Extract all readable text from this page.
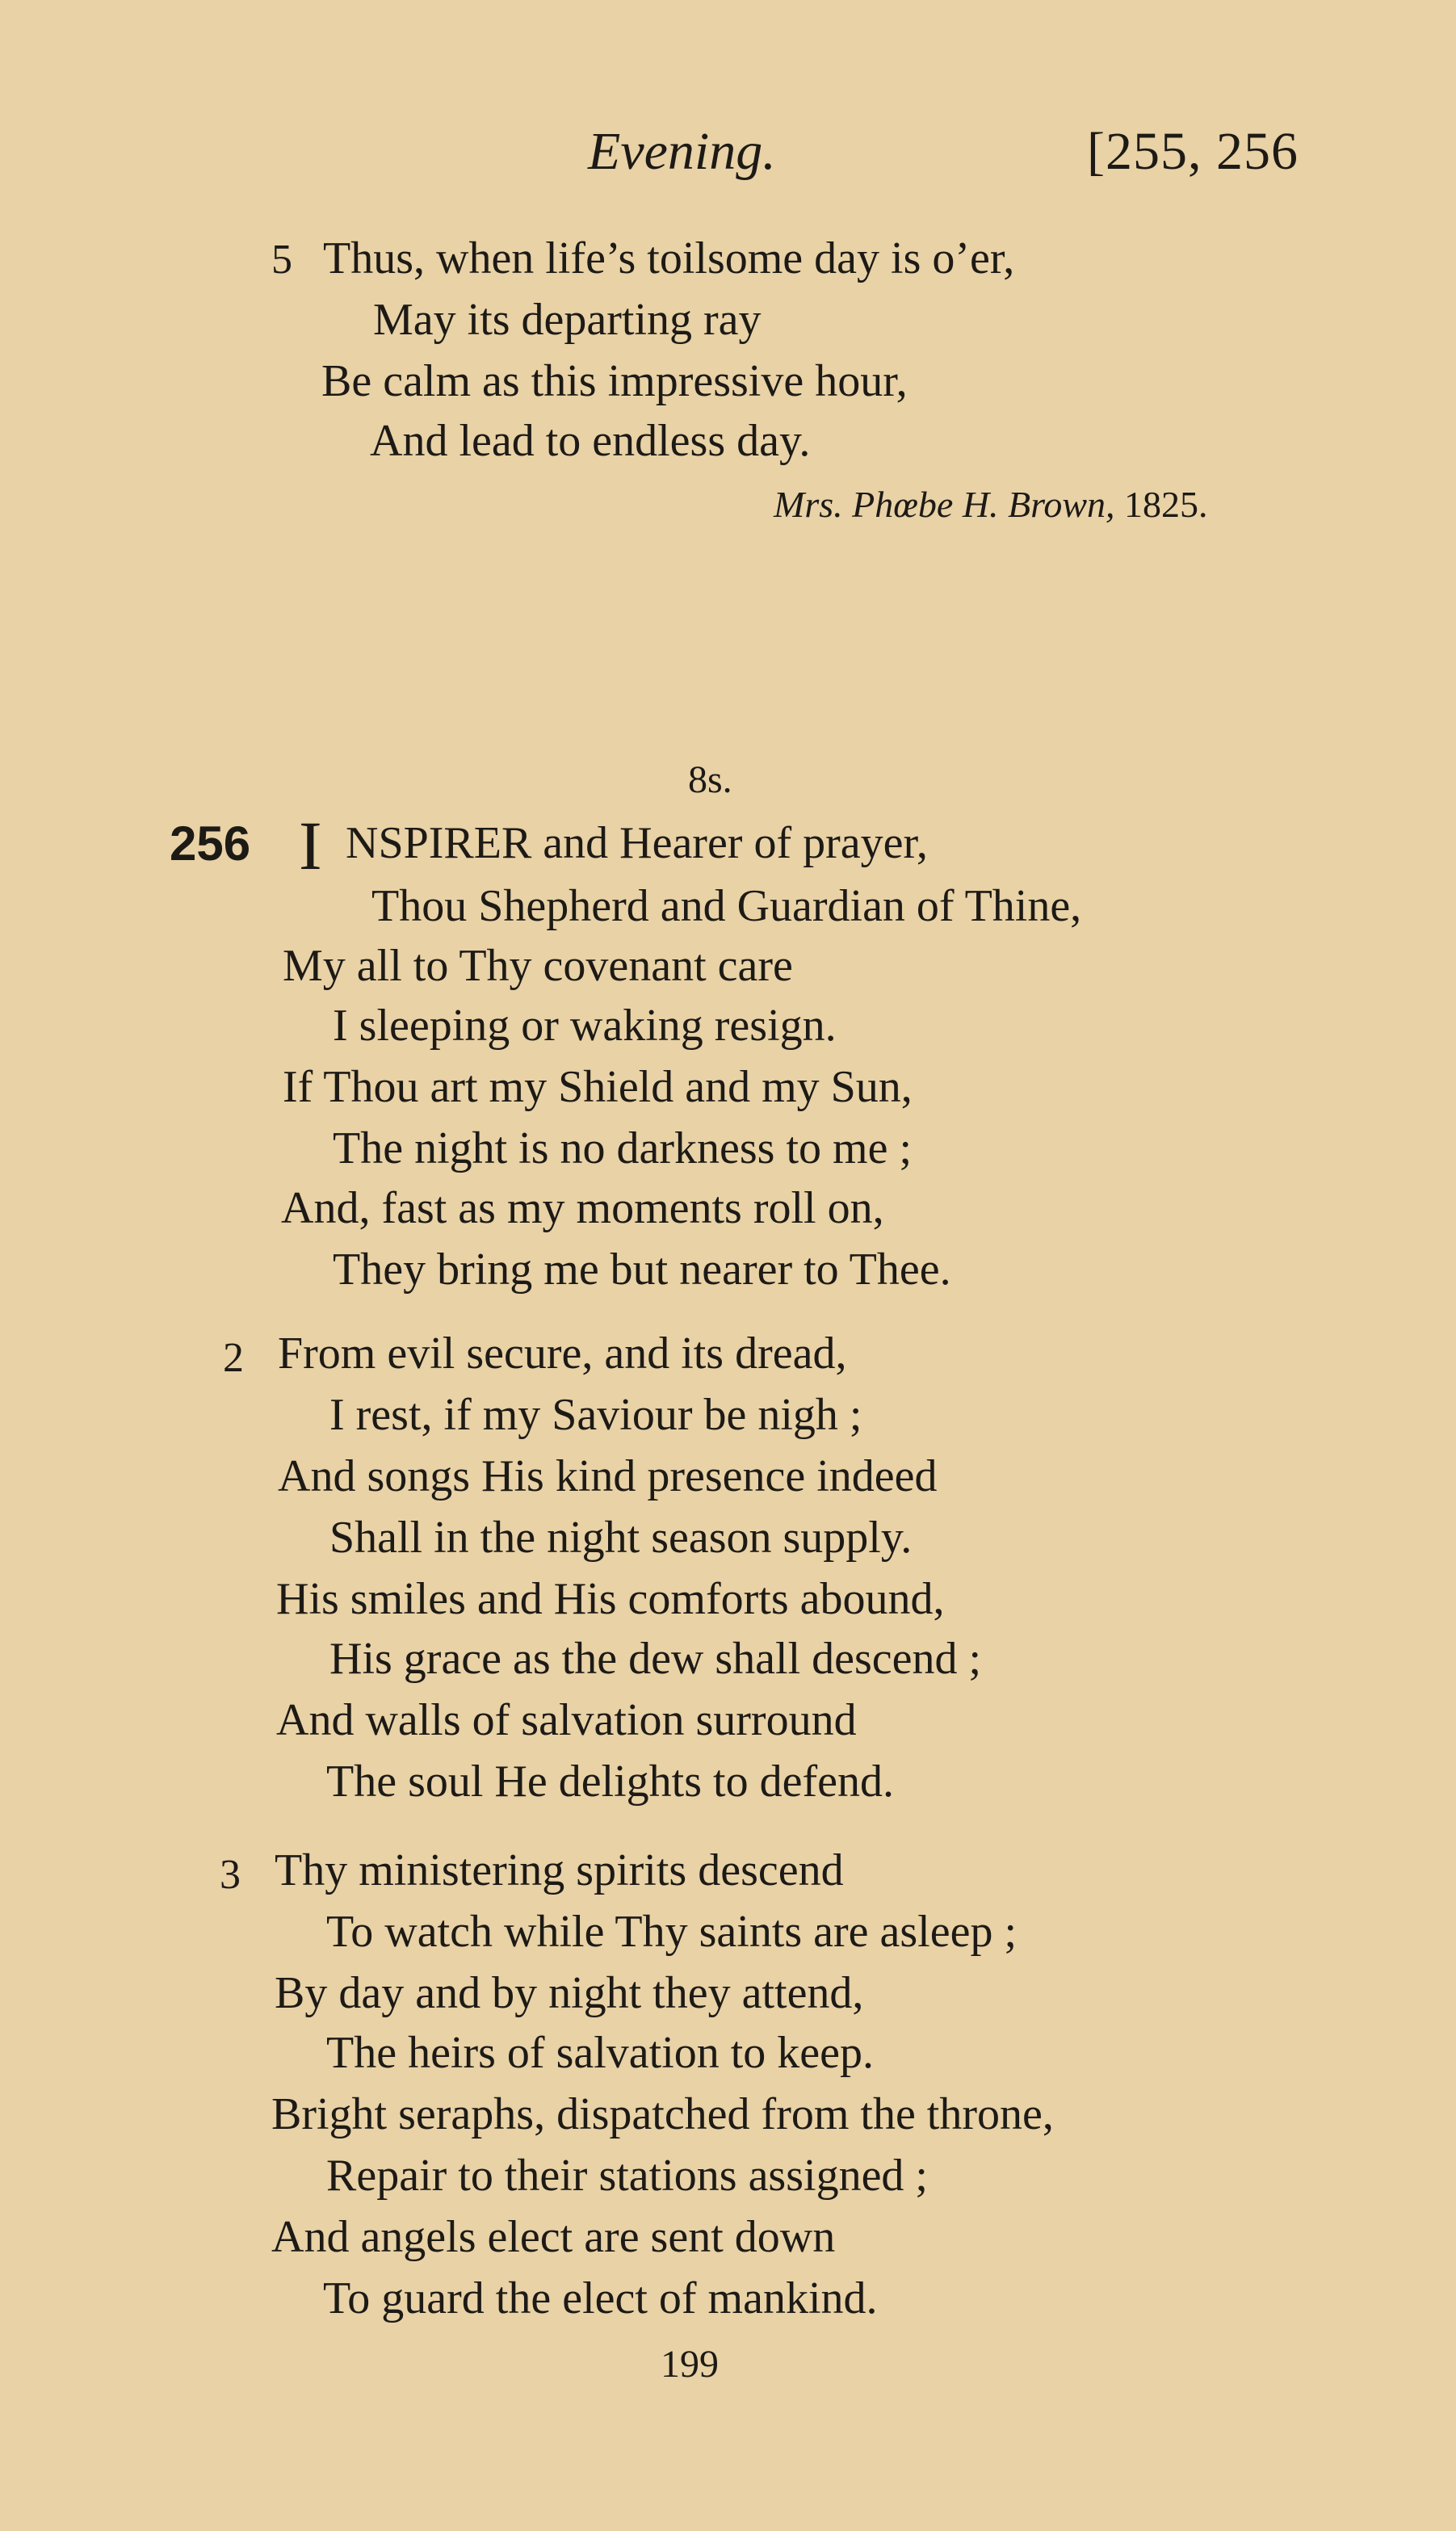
Evening.	[255, 256
5 Thus, when life’s toilsome day is o’er,
May its departing ray
Be calm as this impressive hour,
And lead to endless day.
Mrs. Phœbe H. Brown, 1825.
8s.
256 I NSPIRER and Hearer of prayer,
Thou Shepherd and Guardian of Thine,
My all to Thy covenant care
I sleeping or waking resign.
If Thou art my Shield and my Sun,
The night is no darkness to me ;
And, fast as my moments roll on,
They bring me but nearer to Thee.
2 From evil secure, and its dread,
I rest, if my Saviour be nigh ;
And songs His kind presence indeed
Shall in the night season supply.
His smiles and His comforts abound,
His grace as the dew shall descend ;
And walls of salvation surround
The soul He delights to defend.
3 Thy ministering spirits descend
To watch while Thy saints are asleep ;
By day and by night they attend,
The heirs of salvation to keep.
Bright seraphs, dispatched from the throne,
Repair to their stations assigned ;
And angels elect are sent down
To guard the elect of mankind.
199
